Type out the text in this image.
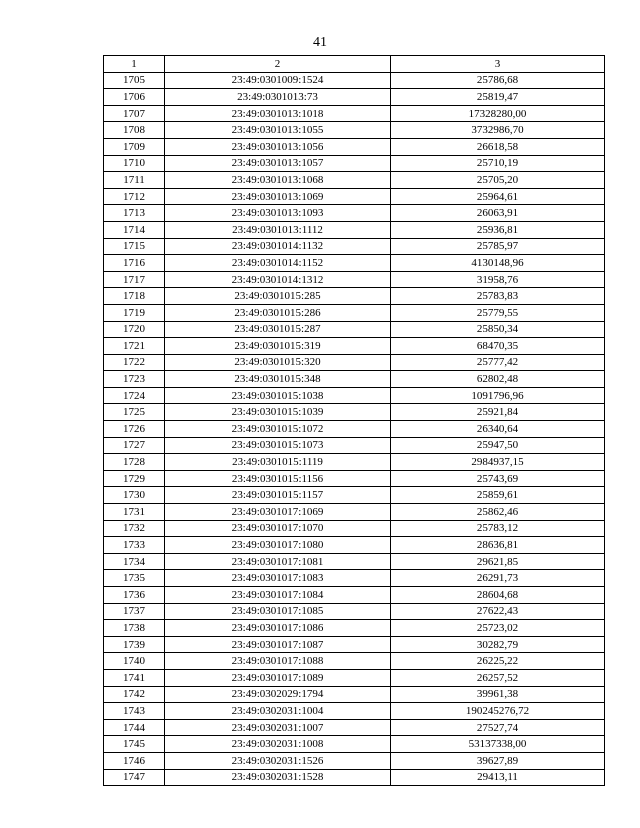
41
1	2	3
1705	23:49:0301009:1524	25786,68
1706	23:49:0301013:73	25819,47
1707	23:49:0301013:1018	17328280,00
1708	23:49:0301013:1055	3732986,70
1709	23:49:0301013:1056	26618,58
1710	23:49:0301013:1057	25710,19
1711	23:49:0301013:1068	25705,20
1712	23:49:0301013:1069	25964,61
1713	23:49:0301013:1093	26063,91
1714	23:49:0301013:1112	25936,81
1715	23:49:0301014:1132	25785,97
1716	23:49:0301014:1152	4130148,96
1717	23:49:0301014:1312	31958,76
1718	23:49:0301015:285	25783,83
1719	23:49:0301015:286	25779,55
1720	23:49:0301015:287	25850,34
1721	23:49:0301015:319	68470,35
1722	23:49:0301015:320	25777,42
1723	23:49:0301015:348	62802,48
1724	23:49:0301015:1038	1091796,96
1725	23:49:0301015:1039	25921,84
1726	23:49:0301015:1072	26340,64
1727	23:49:0301015:1073	25947,50
1728	23:49:0301015:1119	2984937,15
1729	23:49:0301015:1156	25743,69
1730	23:49:0301015:1157	25859,61
1731	23:49:0301017:1069	25862,46
1732	23:49:0301017:1070	25783,12
1733	23:49:0301017:1080	28636,81
1734	23:49:0301017:1081	29621,85
1735	23:49:0301017:1083	26291,73
1736	23:49:0301017:1084	28604,68
1737	23:49:0301017:1085	27622,43
1738	23:49:0301017:1086	25723,02
1739	23:49:0301017:1087	30282,79
1740	23:49:0301017:1088	26225,22
1741	23:49:0301017:1089	26257,52
1742	23:49:0302029:1794	39961,38
1743	23:49:0302031:1004	190245276,72
1744	23:49:0302031:1007	27527,74
1745	23:49:0302031:1008	53137338,00
1746	23:49:0302031:1526	39627,89
1747	23:49:0302031:1528	29413,11
